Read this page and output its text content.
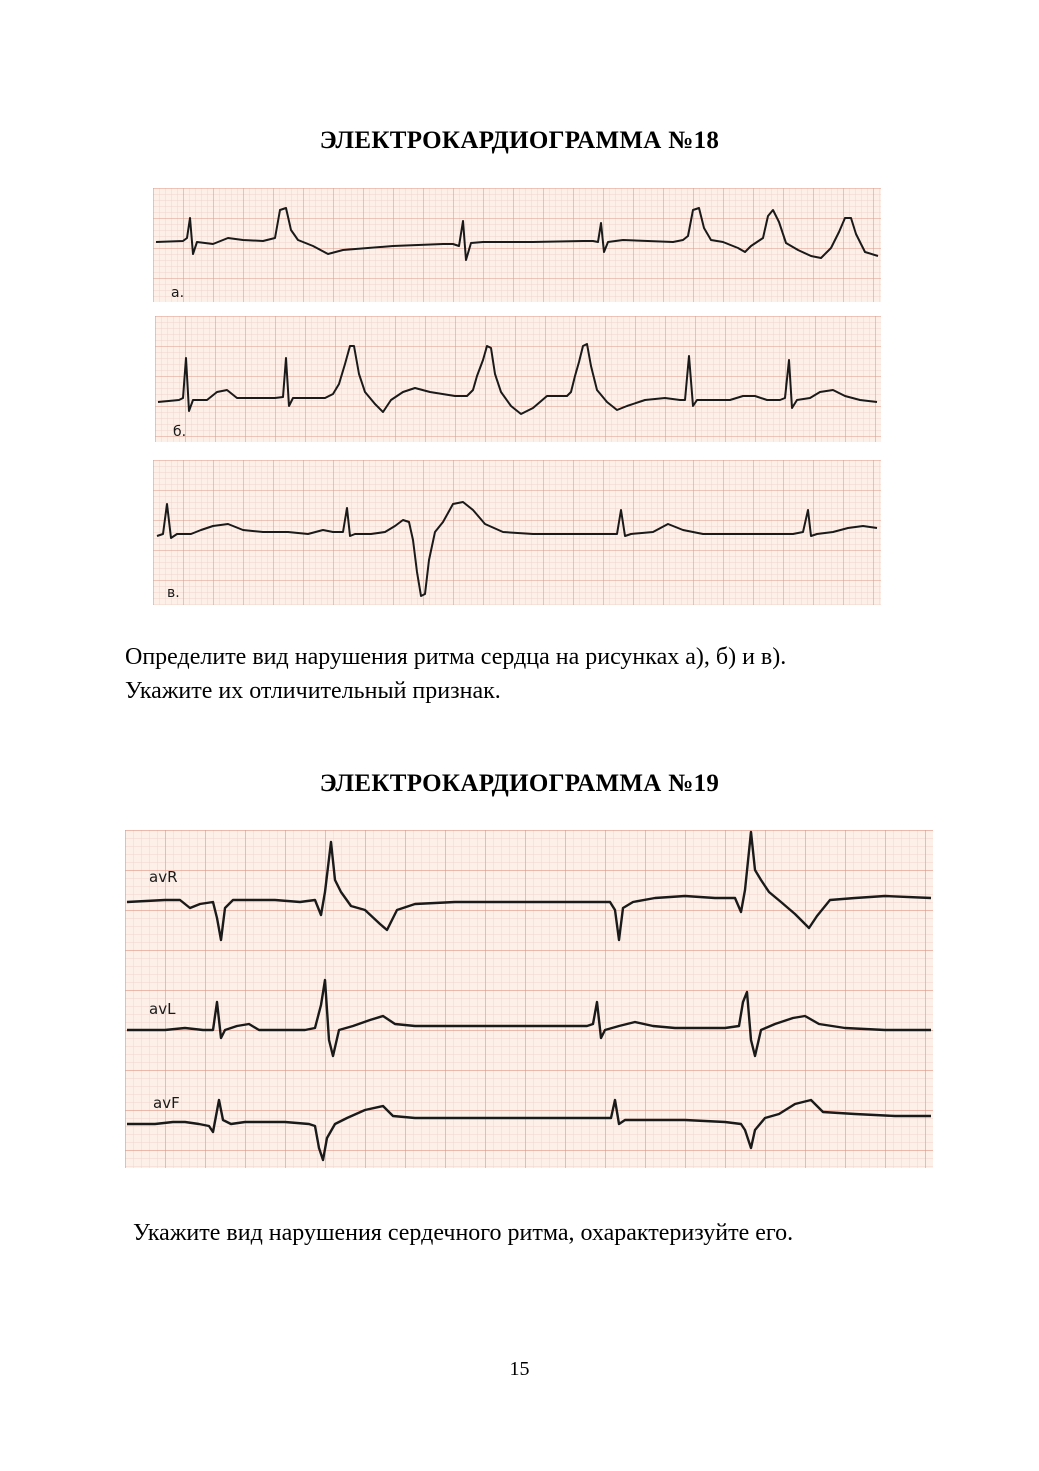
ЭЛЕКТРОКАРДИОГРАММА №18
а.
б.
в.
Определите вид нарушения ритма сердца на рисунках а), б) и в).
Укажите их отличительный признак.
ЭЛЕКТРОКАРДИОГРАММА №19
avR
avL
avF
Укажите вид нарушения сердечного ритма, охарактеризуйте его.
15
